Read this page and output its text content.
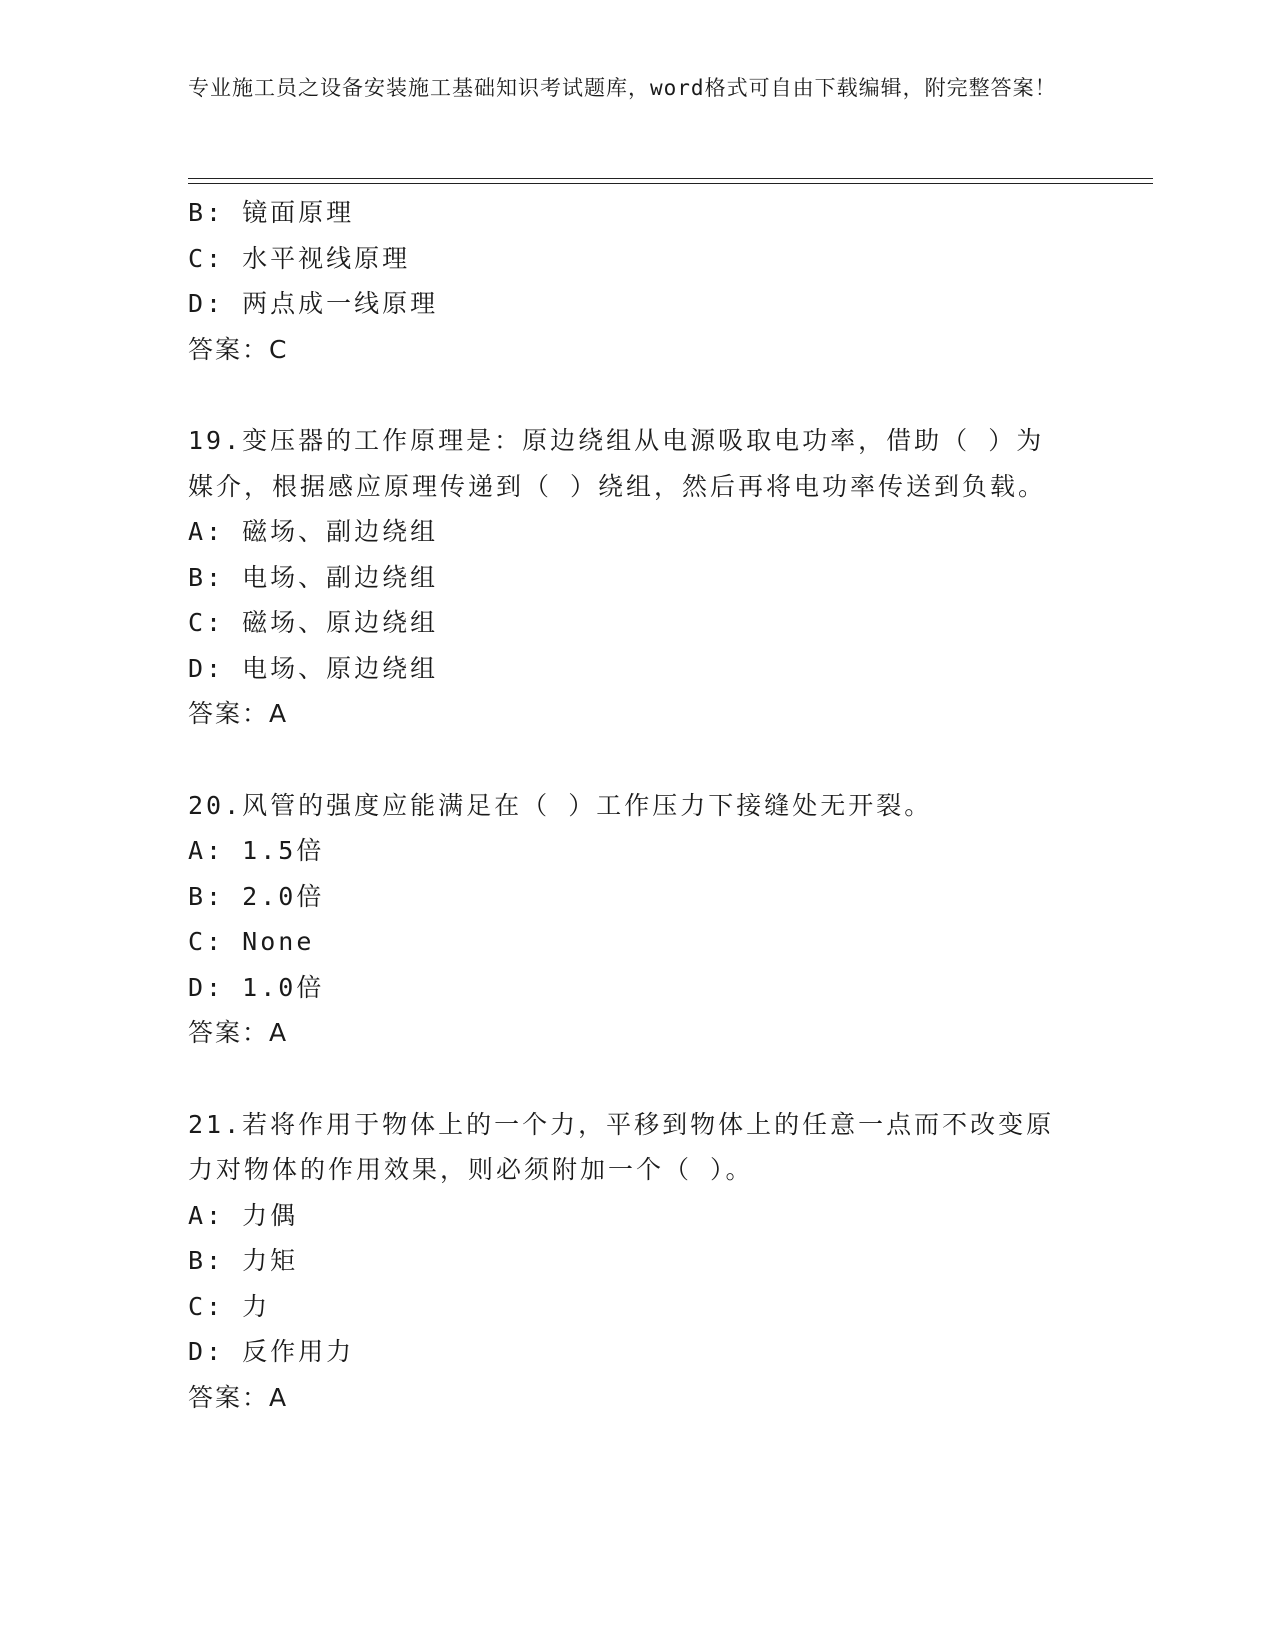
专业施工员之设备安装施工基础知识考试题库，word格式可自由下载编辑，附完整答案！
B: 镜面原理
C: 水平视线原理
D: 两点成一线原理
答案：C
19.变压器的工作原理是：原边绕组从电源吸取电功率，借助（ ）为
媒介，根据感应原理传递到（ ）绕组，然后再将电功率传送到负载。
A: 磁场、副边绕组
B: 电场、副边绕组
C: 磁场、原边绕组
D: 电场、原边绕组
答案：A
20.风管的强度应能满足在（ ）工作压力下接缝处无开裂。
A: 1.5倍
B: 2.0倍
C: None
D: 1.0倍
答案：A
21.若将作用于物体上的一个力，平移到物体上的任意一点而不改变原
力对物体的作用效果，则必须附加一个（ ）。
A: 力偶
B: 力矩
C: 力
D: 反作用力
答案：A
